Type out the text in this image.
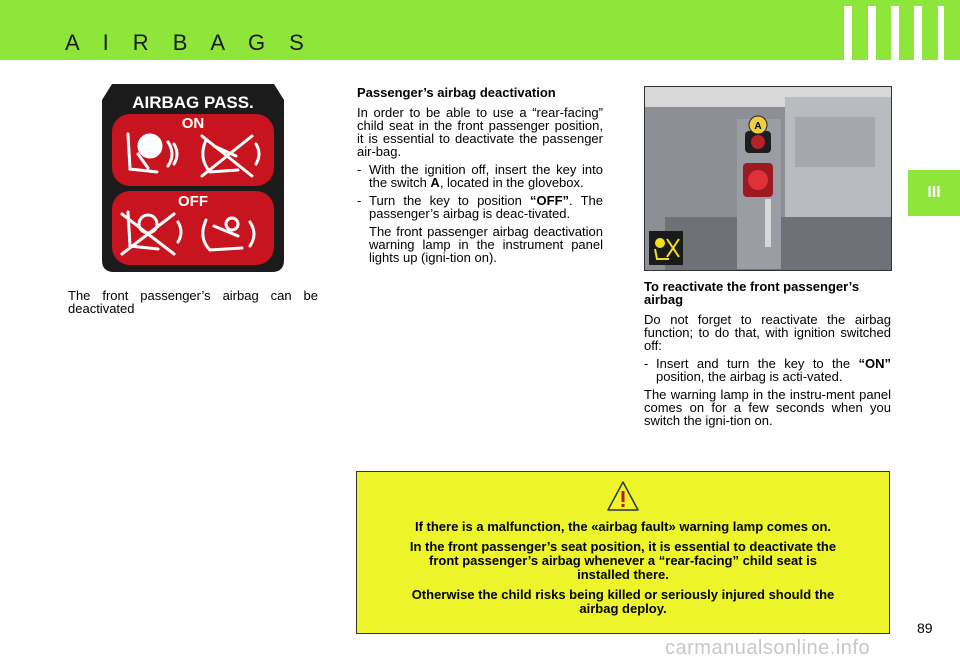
A I R B A G S
III
AIRBAG PASS.
ON
OFF
The front passenger’s airbag can be deactivated
Passenger’s airbag deactivation

In order to be able to use a “rear-facing” child seat in the front passenger position, it is essential to deactivate the passenger air-bag.

- With the ignition off, insert the key into the switch A, located in the glovebox.
- Turn the key to position “OFF”. The passenger’s airbag is deac-tivated.
The front passenger airbag deactivation warning lamp in the instrument panel lights up (igni-tion on).
A
To reactivate the front passenger’s airbag

Do not forget to reactivate the airbag function; to do that, with ignition switched off:

- Insert and turn the key to the “ON” position, the airbag is acti-vated.

The warning lamp in the instru-ment panel comes on for a few seconds when you switch the igni-tion on.

If there is a malfunction, the «airbag fault» warning lamp comes on.

In the front passenger’s seat position, it is essential to deactivate the front passenger’s airbag whenever a “rear-facing” child seat is installed there.

Otherwise the child risks being killed or seriously injured should the airbag deploy.

89
carmanualsonline.info
